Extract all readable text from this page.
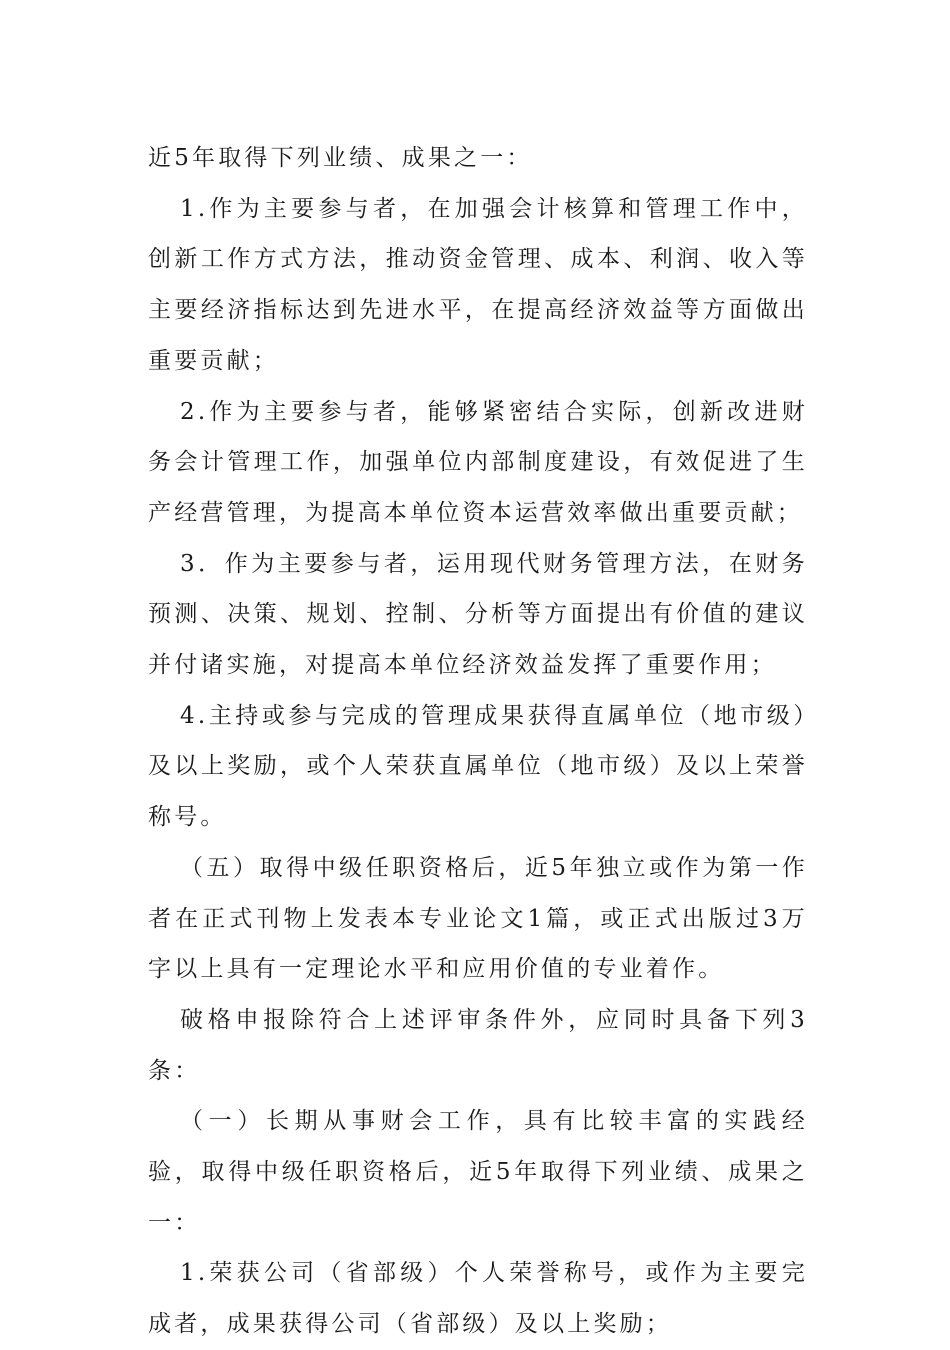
近5年取得下列业绩、成果之一：

1.作为主要参与者，在加强会计核算和管理工作中，创新工作方式方法，推动资金管理、成本、利润、收入等主要经济指标达到先进水平，在提高经济效益等方面做出重要贡献；

2.作为主要参与者，能够紧密结合实际，创新改进财务会计管理工作，加强单位内部制度建设，有效促进了生产经营管理，为提高本单位资本运营效率做出重要贡献；

3．作为主要参与者，运用现代财务管理方法，在财务预测、决策、规划、控制、分析等方面提出有价值的建议并付诸实施，对提高本单位经济效益发挥了重要作用；

4.主持或参与完成的管理成果获得直属单位（地市级）及以上奖励，或个人荣获直属单位（地市级）及以上荣誉称号。

（五）取得中级任职资格后，近5年独立或作为第一作者在正式刊物上发表本专业论文1篇，或正式出版过3万字以上具有一定理论水平和应用价值的专业着作。

破格申报除符合上述评审条件外，应同时具备下列3条：

（一）长期从事财会工作，具有比较丰富的实践经验，取得中级任职资格后，近5年取得下列业绩、成果之一：

1.荣获公司（省部级）个人荣誉称号，或作为主要完成者，成果获得公司（省部级）及以上奖励；
